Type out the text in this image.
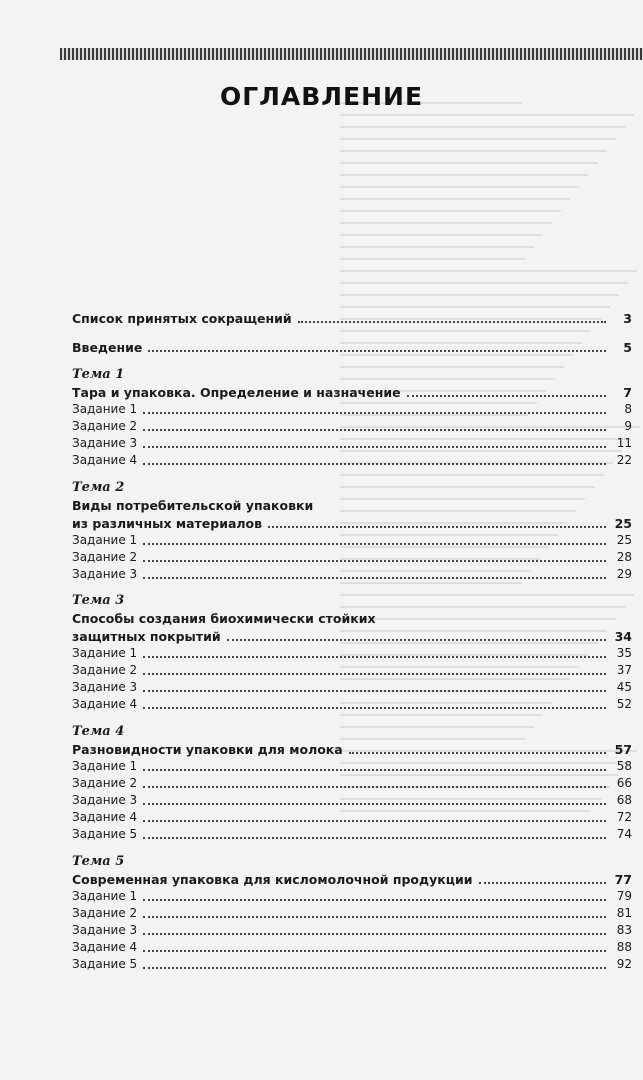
ОГЛАВЛЕНИЕ
Список принятых сокращений	3
Введение	5
Тема 1
Тара и упаковка. Определение и назначение	7
Задание 1	8
Задание 2	9
Задание 3	11
Задание 4	22
Тема 2
Виды потребительской упаковки
из различных материалов	25
Задание 1	25
Задание 2	28
Задание 3	29
Тема 3
Способы создания биохимически стойких
защитных покрытий	34
Задание 1	35
Задание 2	37
Задание 3	45
Задание 4	52
Тема 4
Разновидности упаковки для молока	57
Задание 1	58
Задание 2	66
Задание 3	68
Задание 4	72
Задание 5	74
Тема 5
Современная упаковка для кисломолочной продукции	77
Задание 1	79
Задание 2	81
Задание 3	83
Задание 4	88
Задание 5	92
